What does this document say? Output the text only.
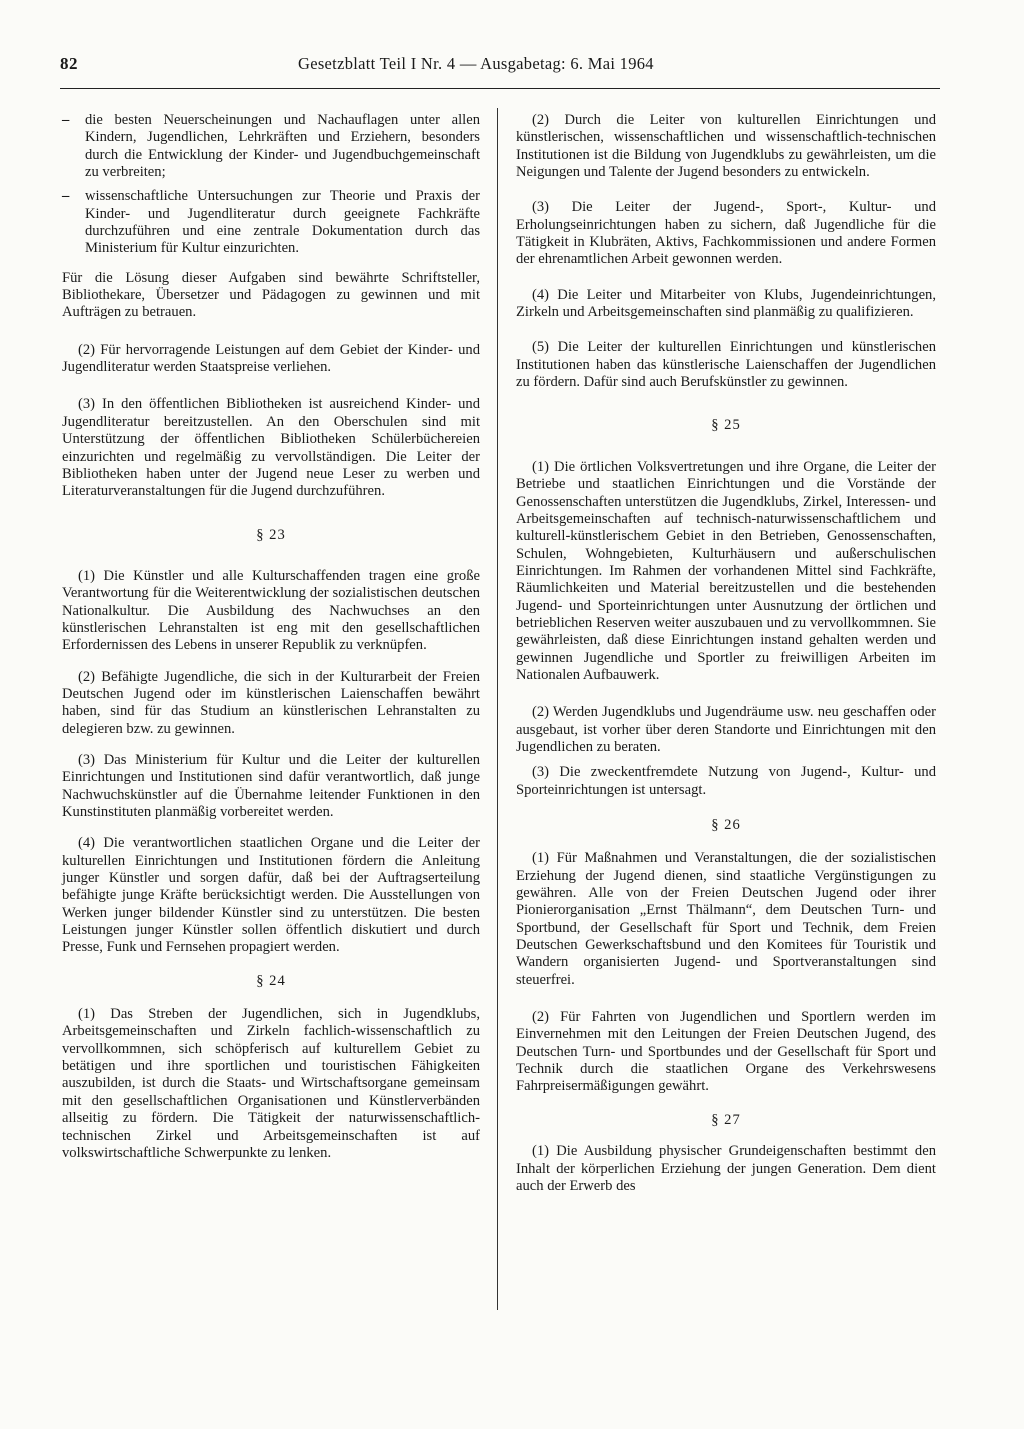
82	Gesetzblatt Teil I Nr. 4 — Ausgabetag: 6. Mai 1964
– die besten Neuerscheinungen und Nachauflagen unter allen Kindern, Jugendlichen, Lehrkräften und Erziehern, besonders durch die Entwicklung der Kinder- und Jugendbuchgemeinschaft zu verbreiten;
– wissenschaftliche Untersuchungen zur Theorie und Praxis der Kinder- und Jugendliteratur durch geeignete Fachkräfte durchzuführen und eine zentrale Dokumentation durch das Ministerium für Kultur einzurichten.

Für die Lösung dieser Aufgaben sind bewährte Schriftsteller, Bibliothekare, Übersetzer und Pädagogen zu gewinnen und mit Aufträgen zu betrauen.

(2) Für hervorragende Leistungen auf dem Gebiet der Kinder- und Jugendliteratur werden Staatspreise verliehen.

(3) In den öffentlichen Bibliotheken ist ausreichend Kinder- und Jugendliteratur bereitzustellen. An den Oberschulen sind mit Unterstützung der öffentlichen Bibliotheken Schülerbüchereien einzurichten und regelmäßig zu vervollständigen. Die Leiter der Bibliotheken haben unter der Jugend neue Leser zu werben und Literaturveranstaltungen für die Jugend durchzuführen.

§ 23

(1) Die Künstler und alle Kulturschaffenden tragen eine große Verantwortung für die Weiterentwicklung der sozialistischen deutschen Nationalkultur. Die Ausbildung des Nachwuchses an den künstlerischen Lehranstalten ist eng mit den gesellschaftlichen Erfordernissen des Lebens in unserer Republik zu verknüpfen.

(2) Befähigte Jugendliche, die sich in der Kulturarbeit der Freien Deutschen Jugend oder im künstlerischen Laienschaffen bewährt haben, sind für das Studium an künstlerischen Lehranstalten zu delegieren bzw. zu gewinnen.

(3) Das Ministerium für Kultur und die Leiter der kulturellen Einrichtungen und Institutionen sind dafür verantwortlich, daß junge Nachwuchskünstler auf die Übernahme leitender Funktionen in den Kunstinstituten planmäßig vorbereitet werden.

(4) Die verantwortlichen staatlichen Organe und die Leiter der kulturellen Einrichtungen und Institutionen fördern die Anleitung junger Künstler und sorgen dafür, daß bei der Auftragserteilung befähigte junge Kräfte berücksichtigt werden. Die Ausstellungen von Werken junger bildender Künstler sind zu unterstützen. Die besten Leistungen junger Künstler sollen öffentlich diskutiert und durch Presse, Funk und Fernsehen propagiert werden.

§ 24

(1) Das Streben der Jugendlichen, sich in Jugendklubs, Arbeitsgemeinschaften und Zirkeln fachlich-wissenschaftlich zu vervollkommnen, sich schöpferisch auf kulturellem Gebiet zu betätigen und ihre sportlichen und touristischen Fähigkeiten auszubilden, ist durch die Staats- und Wirtschaftsorgane gemeinsam mit den gesellschaftlichen Organisationen und Künstlerverbänden allseitig zu fördern. Die Tätigkeit der naturwissenschaftlich-technischen Zirkel und Arbeitsgemeinschaften ist auf volkswirtschaftliche Schwerpunkte zu lenken.

(2) Durch die Leiter von kulturellen Einrichtungen und künstlerischen, wissenschaftlichen und wissenschaftlich-technischen Institutionen ist die Bildung von Jugendklubs zu gewährleisten, um die Neigungen und Talente der Jugend besonders zu entwickeln.

(3) Die Leiter der Jugend-, Sport-, Kultur- und Erholungseinrichtungen haben zu sichern, daß Jugendliche für die Tätigkeit in Klubräten, Aktivs, Fachkommissionen und andere Formen der ehrenamtlichen Arbeit gewonnen werden.

(4) Die Leiter und Mitarbeiter von Klubs, Jugendeinrichtungen, Zirkeln und Arbeitsgemeinschaften sind planmäßig zu qualifizieren.

(5) Die Leiter der kulturellen Einrichtungen und künstlerischen Institutionen haben das künstlerische Laienschaffen der Jugendlichen zu fördern. Dafür sind auch Berufskünstler zu gewinnen.

§ 25

(1) Die örtlichen Volksvertretungen und ihre Organe, die Leiter der Betriebe und staatlichen Einrichtungen und die Vorstände der Genossenschaften unterstützen die Jugendklubs, Zirkel, Interessen- und Arbeitsgemeinschaften auf technisch-naturwissenschaftlichem und kulturell-künstlerischem Gebiet in den Betrieben, Genossenschaften, Schulen, Wohngebieten, Kulturhäusern und außerschulischen Einrichtungen. Im Rahmen der vorhandenen Mittel sind Fachkräfte, Räumlichkeiten und Material bereitzustellen und die bestehenden Jugend- und Sporteinrichtungen unter Ausnutzung der örtlichen und betrieblichen Reserven weiter auszubauen und zu vervollkommnen. Sie gewährleisten, daß diese Einrichtungen instand gehalten werden und gewinnen Jugendliche und Sportler zu freiwilligen Arbeiten im Nationalen Aufbauwerk.

(2) Werden Jugendklubs und Jugendräume usw. neu geschaffen oder ausgebaut, ist vorher über deren Standorte und Einrichtungen mit den Jugendlichen zu beraten.

(3) Die zweckentfremdete Nutzung von Jugend-, Kultur- und Sporteinrichtungen ist untersagt.

§ 26

(1) Für Maßnahmen und Veranstaltungen, die der sozialistischen Erziehung der Jugend dienen, sind staatliche Vergünstigungen zu gewähren. Alle von der Freien Deutschen Jugend oder ihrer Pionierorganisation „Ernst Thälmann“, dem Deutschen Turn- und Sportbund, der Gesellschaft für Sport und Technik, dem Freien Deutschen Gewerkschaftsbund und den Komitees für Touristik und Wandern organisierten Jugend- und Sportveranstaltungen sind steuerfrei.

(2) Für Fahrten von Jugendlichen und Sportlern werden im Einvernehmen mit den Leitungen der Freien Deutschen Jugend, des Deutschen Turn- und Sportbundes und der Gesellschaft für Sport und Technik durch die staatlichen Organe des Verkehrswesens Fahrpreisermäßigungen gewährt.

§ 27

(1) Die Ausbildung physischer Grundeigenschaften bestimmt den Inhalt der körperlichen Erziehung der jungen Generation. Dem dient auch der Erwerb des
